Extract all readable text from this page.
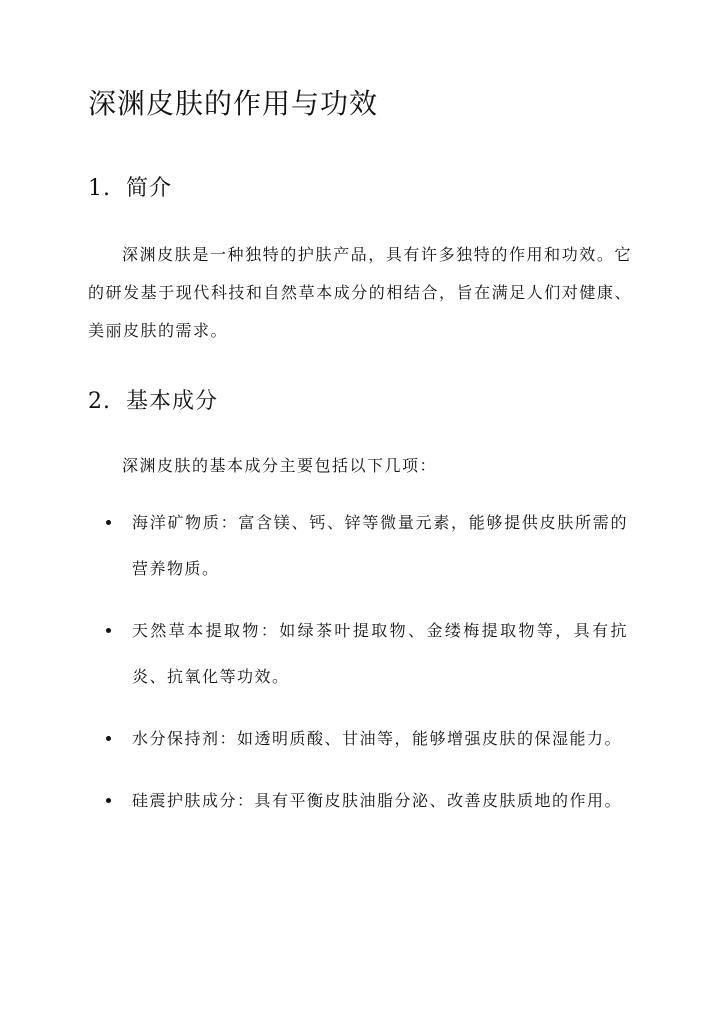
深渊皮肤的作用与功效
1. 简介

深渊皮肤是一种独特的护肤产品，具有许多独特的作用和功效。它的研发基于现代科技和自然草本成分的相结合，旨在满足人们对健康、美丽皮肤的需求。

2. 基本成分

深渊皮肤的基本成分主要包括以下几项：

海洋矿物质：富含镁、钙、锌等微量元素，能够提供皮肤所需的营养物质。
天然草本提取物：如绿茶叶提取物、金缕梅提取物等，具有抗炎、抗氧化等功效。
水分保持剂：如透明质酸、甘油等，能够增强皮肤的保湿能力。
硅震护肤成分：具有平衡皮肤油脂分泌、改善皮肤质地的作用。
